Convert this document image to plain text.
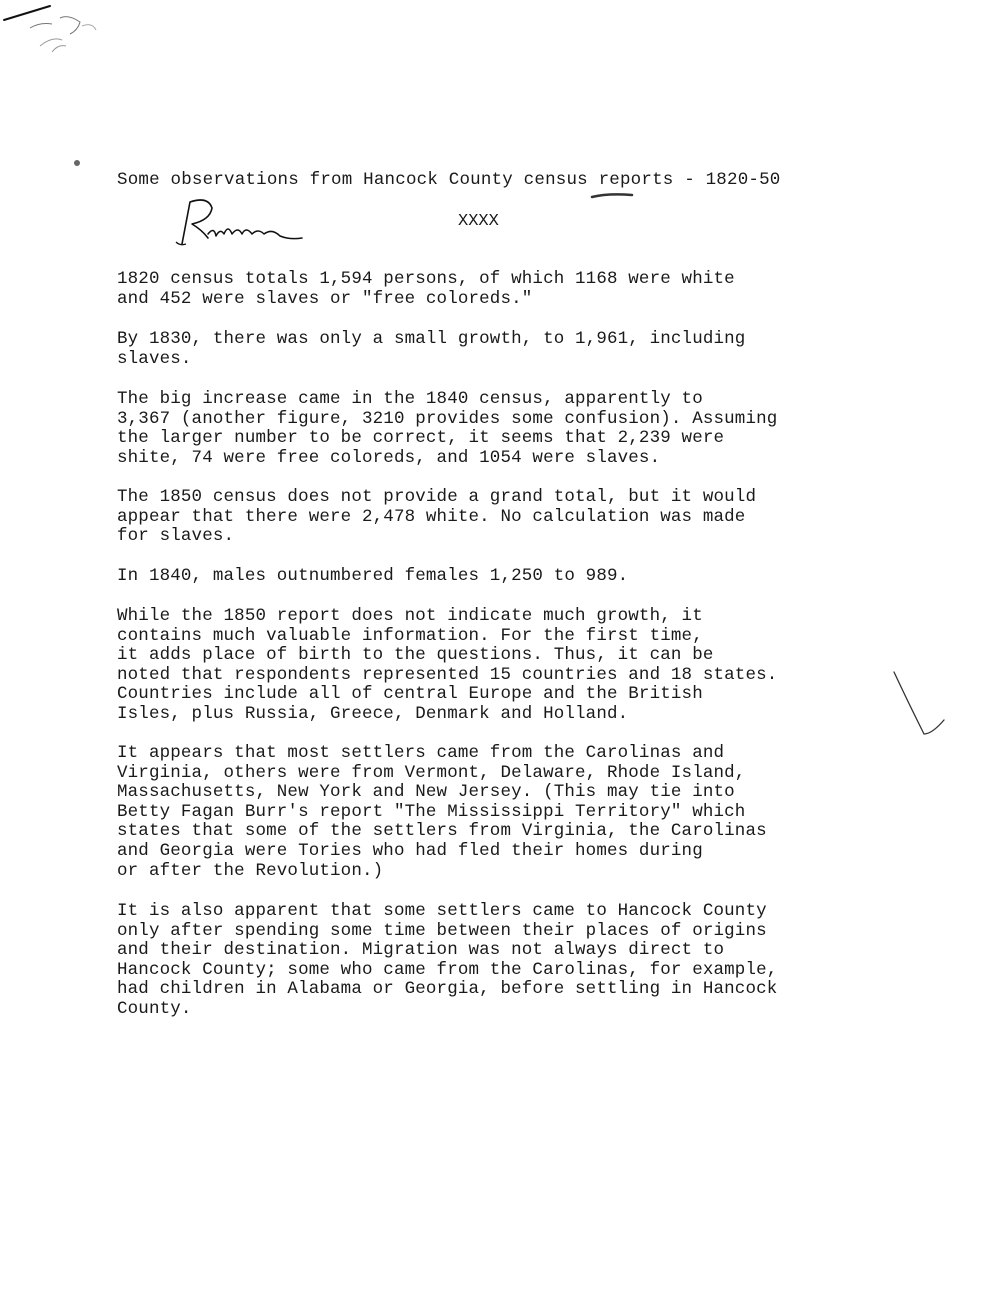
Some observations from Hancock County census reports - 1820-50
XXXX
1820 census totals 1,594 persons, of which 1168 were white
and 452 were slaves or "free coloreds."
By 1830, there was only a small growth, to 1,961, including
slaves.
The big increase came in the 1840 census, apparently to
3,367 (another figure, 3210 provides some confusion). Assuming
the larger number to be correct, it seems that 2,239 were
shite, 74 were free coloreds, and 1054 were slaves.
The 1850 census does not provide a grand total, but it would
appear that there were 2,478 white. No calculation was made
for slaves.
In 1840, males outnumbered females 1,250 to 989.
While the 1850 report does not indicate much growth, it
contains much valuable information. For the first time,
it adds place of birth to the questions. Thus, it can be
noted that respondents represented 15 countries and 18 states.
Countries include all of central Europe and the British
Isles, plus Russia, Greece, Denmark and Holland.
It appears that most settlers came from the Carolinas and
Virginia, others were from Vermont, Delaware, Rhode Island,
Massachusetts, New York and New Jersey. (This may tie into
Betty Fagan Burr's report "The Mississippi Territory" which
states that some of the settlers from Virginia, the Carolinas
and Georgia were Tories who had fled their homes during
or after the Revolution.)
It is also apparent that some settlers came to Hancock County
only after spending some time between their places of origins
and their destination. Migration was not always direct to
Hancock County; some who came from the Carolinas, for example,
had children in Alabama or Georgia, before settling in Hancock
County.
